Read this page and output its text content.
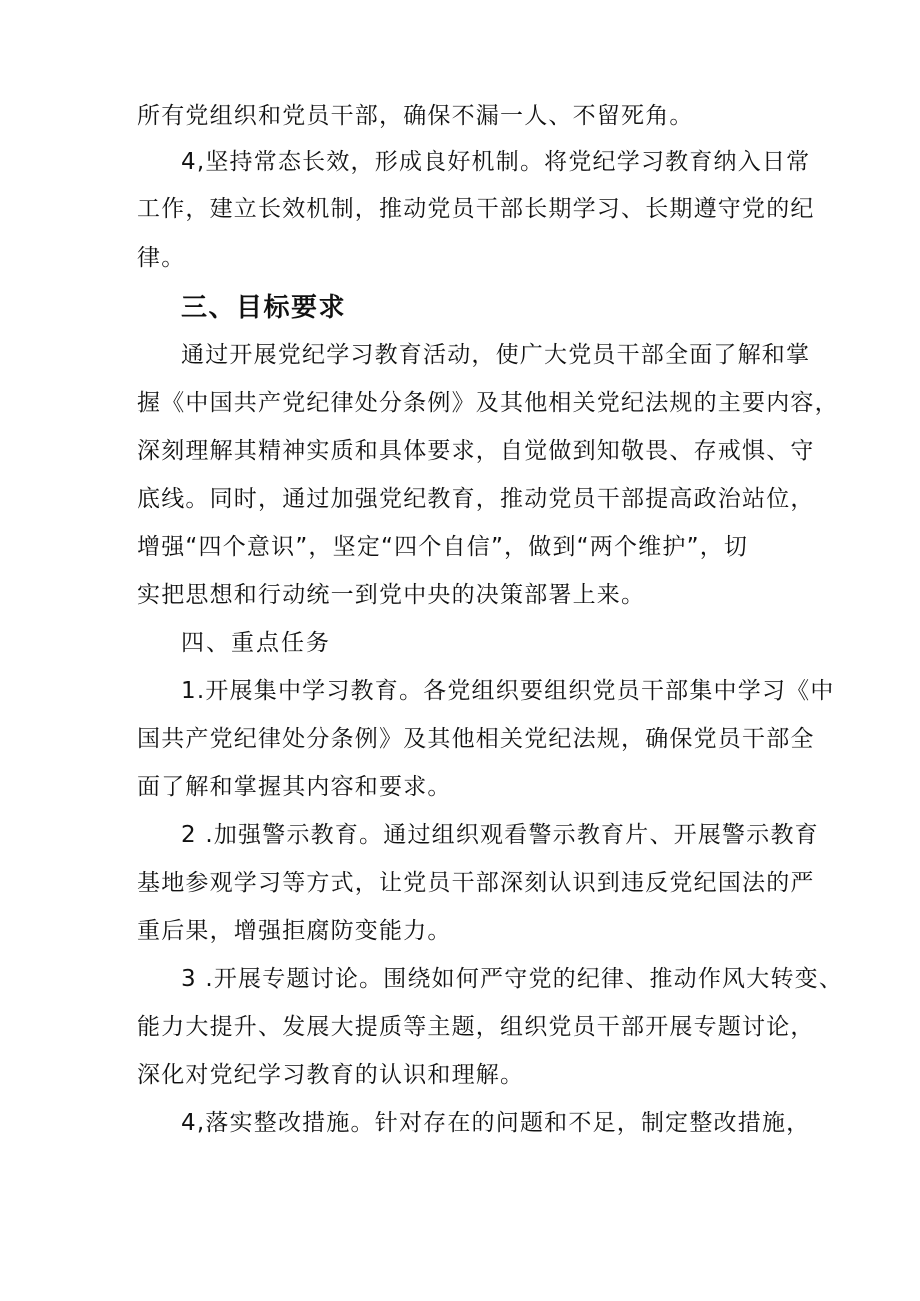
所有党组织和党员干部，确保不漏一人、不留死角。
4,坚持常态长效，形成良好机制。将党纪学习教育纳入日常
工作，建立长效机制，推动党员干部长期学习、长期遵守党的纪
律。
三、目标要求
通过开展党纪学习教育活动，使广大党员干部全面了解和掌
握《中国共产党纪律处分条例》及其他相关党纪法规的主要内容，
深刻理解其精神实质和具体要求，自觉做到知敬畏、存戒惧、守
底线。同时，通过加强党纪教育，推动党员干部提高政治站位，
增强“四个意识”，坚定“四个自信”，做到“两个维护”，切
实把思想和行动统一到党中央的决策部署上来。
四、重点任务
1.开展集中学习教育。各党组织要组织党员干部集中学习《中
国共产党纪律处分条例》及其他相关党纪法规，确保党员干部全
面了解和掌握其内容和要求。
2 .加强警示教育。通过组织观看警示教育片、开展警示教育
基地参观学习等方式，让党员干部深刻认识到违反党纪国法的严
重后果，增强拒腐防变能力。
3 .开展专题讨论。围绕如何严守党的纪律、推动作风大转变、
能力大提升、发展大提质等主题，组织党员干部开展专题讨论，
深化对党纪学习教育的认识和理解。
4,落实整改措施。针对存在的问题和不足，制定整改措施，
